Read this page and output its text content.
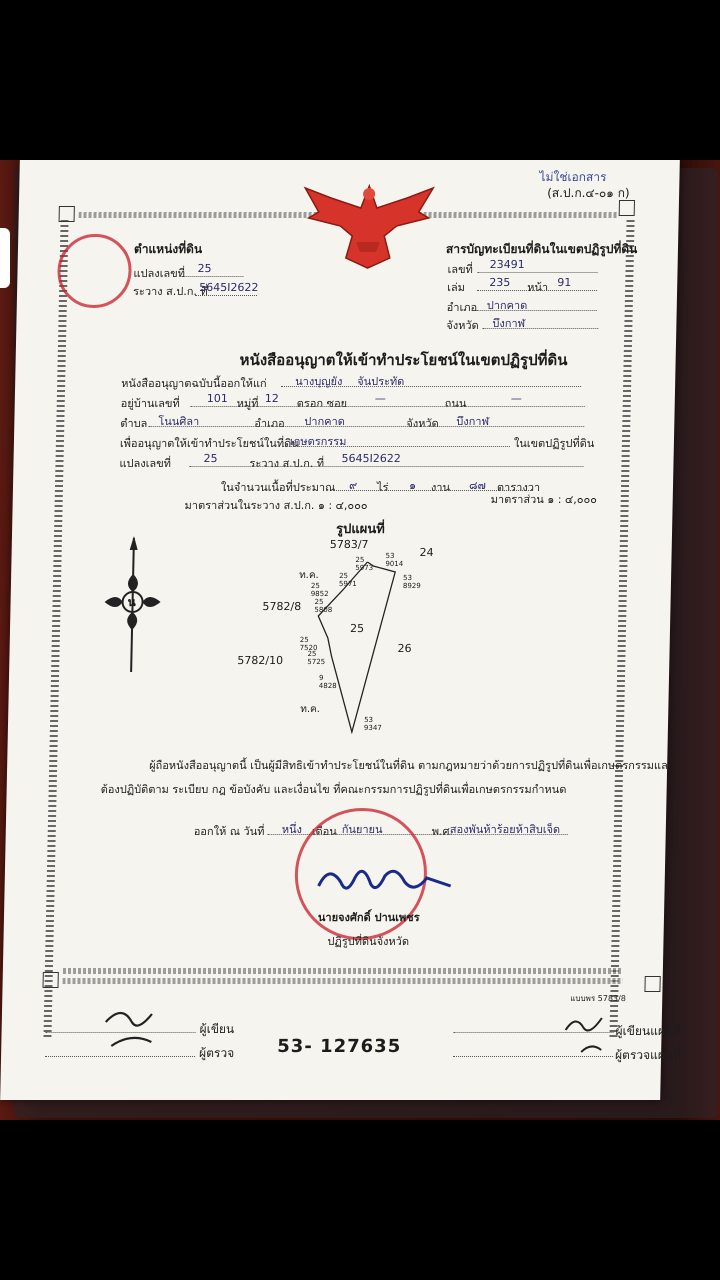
ไม่ใช่เอกสาร
(ส.ป.ก.๔-๐๑ ก)
ตำแหน่งที่ดิน
แปลงเลขที่ 25
ระวาง ส.ป.ก. ที่
5645I2622
สารบัญทะเบียนที่ดินในเขตปฏิรูปที่ดิน
เลขที่ 23491
เล่ม 235 หน้า 91
อำเภอ ปากคาด
จังหวัด บึงกาฬ
หนังสืออนุญาตให้เข้าทำประโยชน์ในเขตปฏิรูปที่ดิน
หนังสืออนุญาตฉบับนี้ออกให้แก่	นางบุญยัง จันประทัด
อยู่บ้านเลขที่ 101 หมู่ที่ 12 ตรอก ซอย —	ถนน	—
ตำบล โนนศิลา	อำเภอ ปากคาด	จังหวัด บึงกาฬ
เพื่ออนุญาตให้เข้าทำประโยชน์ในที่ดิน
เกษตรกรรม	ในเขตปฏิรูปที่ดิน
แปลงเลขที่	25	ระวาง ส.ป.ก. ที่ 5645I2622
ในจำนวนเนื้อที่ประมาณ ๙ ไร่ ๑ งาน ๘๗ ตารางวา
มาตราส่วนในระวาง ส.ป.ก. ๑ : ๔,๐๐๐	มาตราส่วน ๑ : ๔,๐๐๐
รูปแผนที่
น
5783/7
24
ท.ค.
5782/8
25
26
5782/10
ท.ค.
53
9014
25
5973
25
5971
53
8929
25
9852
25
5808
25
7520
25
5725
9
4828
53
9347
ผู้ถือหนังสืออนุญาตนี้ เป็นผู้มีสิทธิเข้าทำประโยชน์ในที่ดิน ตามกฎหมายว่าด้วยการปฏิรูปที่ดินเพื่อเกษตรกรรมและ
ต้องปฏิบัติตาม ระเบียบ กฎ ข้อบังคับ และเงื่อนไข ที่คณะกรรมการปฏิรูปที่ดินเพื่อเกษตรกรรมกำหนด
ออกให้ ณ วันที่ หนึ่ง เดือน กันยายน	พ.ศ.
สองพันห้าร้อยห้าสิบเจ็ด
นายจงศักดิ์ ปานเพชร
ปฏิรูปที่ดินจังหวัด
แบบพร 5783/8
ผู้เขียน
ผู้ตรวจ 53- 127635
ผู้เขียนแผนที่
ผู้ตรวจแผนที่
